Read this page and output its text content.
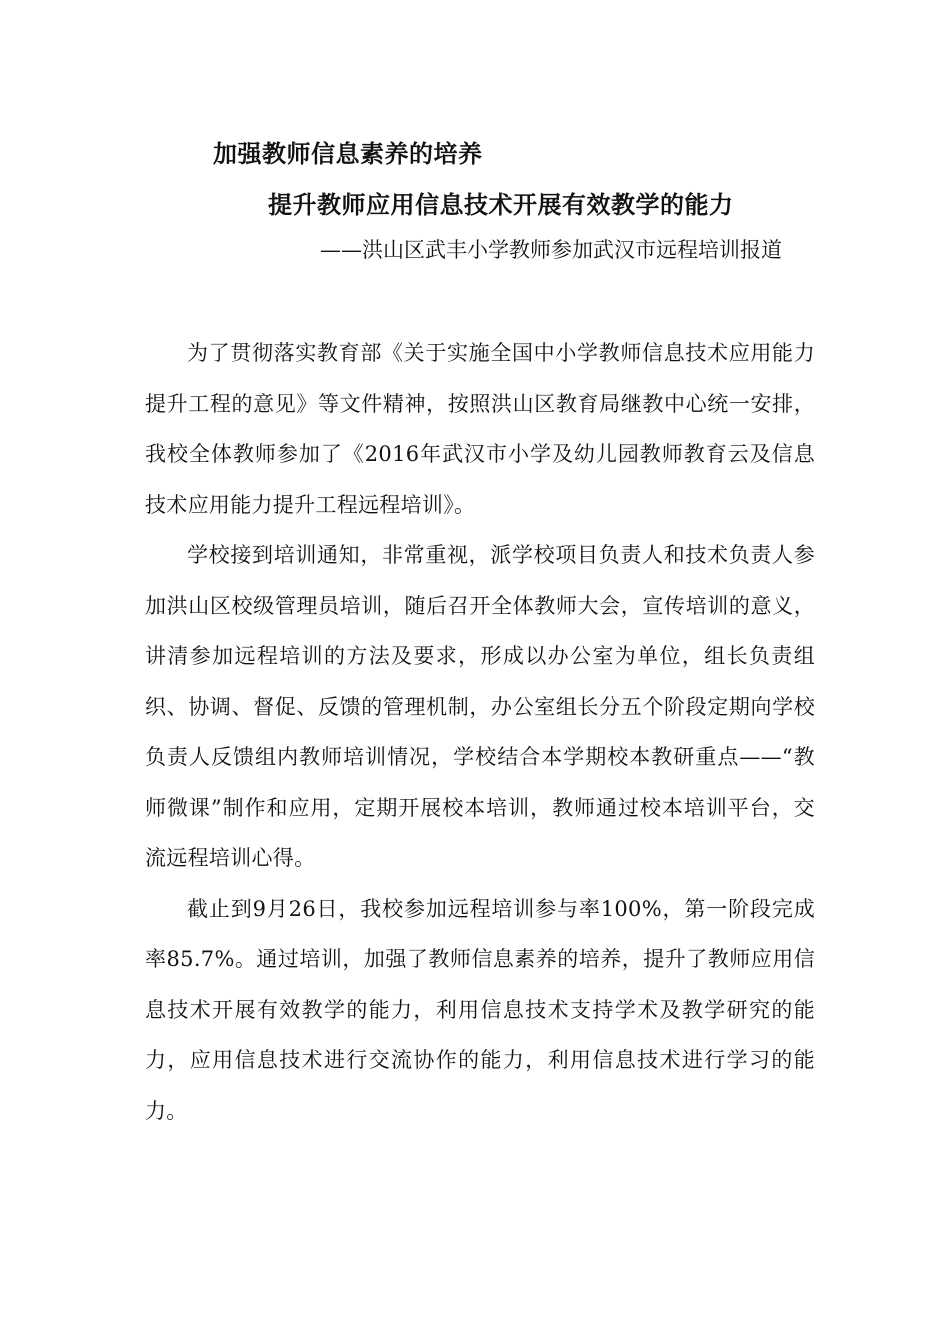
加强教师信息素养的培养
提升教师应用信息技术开展有效教学的能力

——洪山区武丰小学教师参加武汉市远程培训报道

为了贯彻落实教育部《关于实施全国中小学教师信息技术应用能力提升工程的意见》等文件精神，按照洪山区教育局继教中心统一安排，我校全体教师参加了《2016年武汉市小学及幼儿园教师教育云及信息技术应用能力提升工程远程培训》。

学校接到培训通知，非常重视，派学校项目负责人和技术负责人参加洪山区校级管理员培训，随后召开全体教师大会，宣传培训的意义，讲清参加远程培训的方法及要求，形成以办公室为单位，组长负责组织、协调、督促、反馈的管理机制，办公室组长分五个阶段定期向学校负责人反馈组内教师培训情况，学校结合本学期校本教研重点——“教师微课”制作和应用，定期开展校本培训，教师通过校本培训平台，交流远程培训心得。

截止到9月26日，我校参加远程培训参与率100%，第一阶段完成率85.7%。通过培训，加强了教师信息素养的培养，提升了教师应用信息技术开展有效教学的能力，利用信息技术支持学术及教学研究的能力，应用信息技术进行交流协作的能力，利用信息技术进行学习的能力。
